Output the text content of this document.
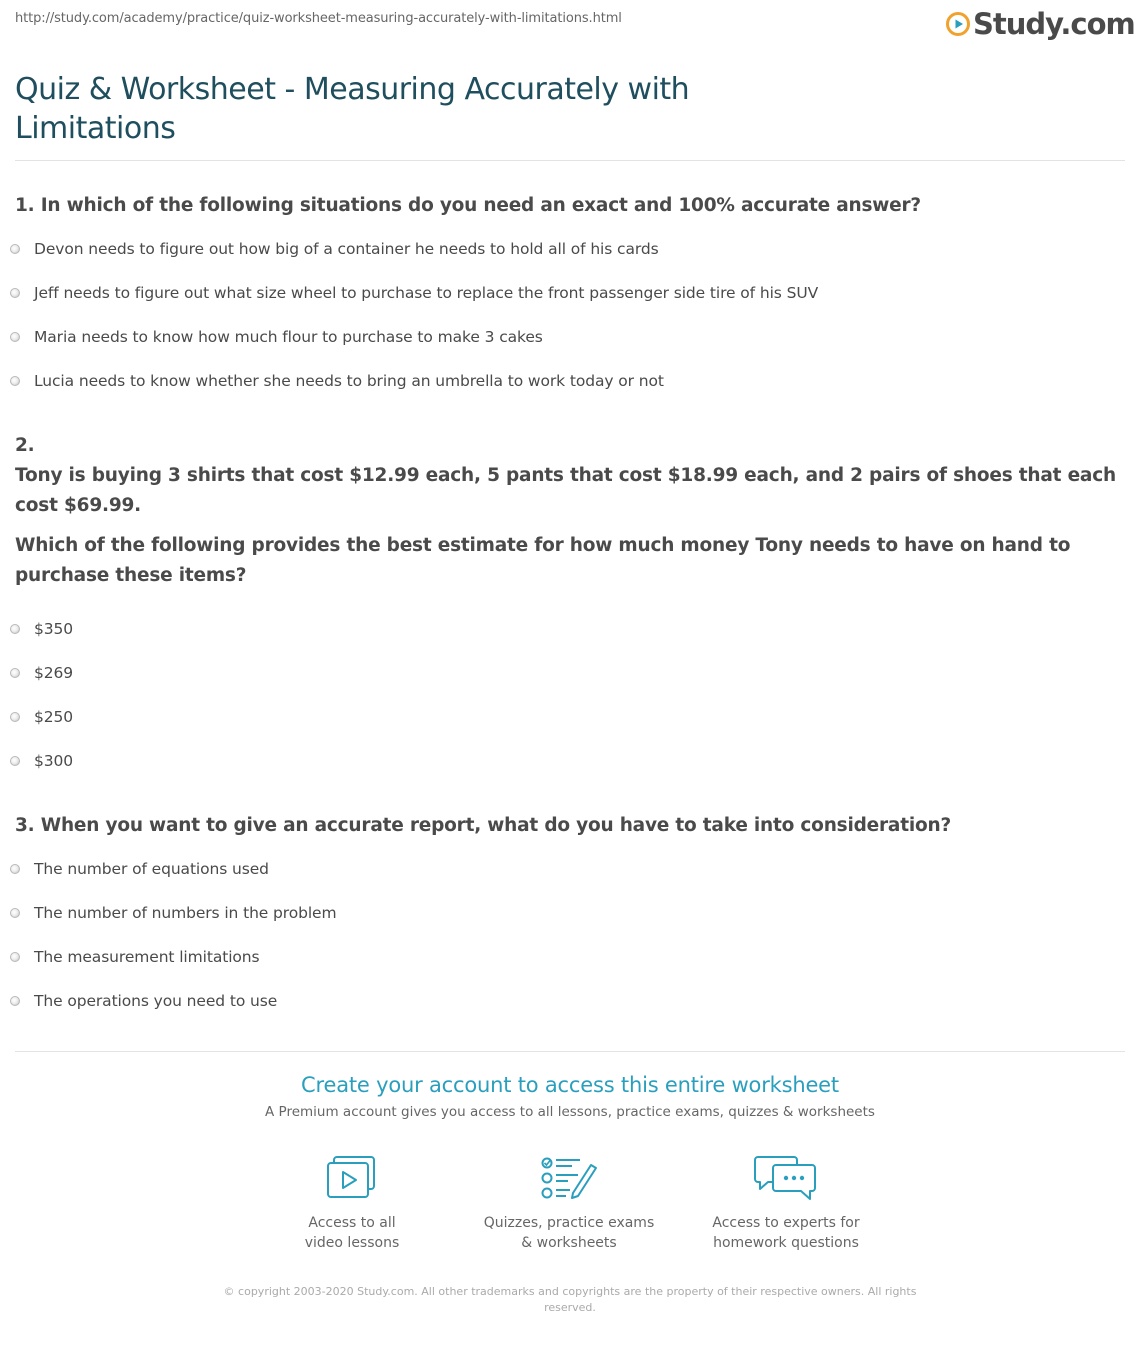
http://study.com/academy/practice/quiz-worksheet-measuring-accurately-with-limitations.html	Study.com
Quiz & Worksheet - Measuring Accurately with Limitations
1. In which of the following situations do you need an exact and 100% accurate answer?
Devon needs to figure out how big of a container he needs to hold all of his cards
Jeff needs to figure out what size wheel to purchase to replace the front passenger side tire of his SUV
Maria needs to know how much flour to purchase to make 3 cakes
Lucia needs to know whether she needs to bring an umbrella to work today or not
2.
Tony is buying 3 shirts that cost $12.99 each, 5 pants that cost $18.99 each, and 2 pairs of shoes that each cost $69.99.
Which of the following provides the best estimate for how much money Tony needs to have on hand to purchase these items?
$350
$269
$250
$300
3. When you want to give an accurate report, what do you have to take into consideration?
The number of equations used
The number of numbers in the problem
The measurement limitations
The operations you need to use
Create your account to access this entire worksheet
A Premium account gives you access to all lessons, practice exams, quizzes & worksheets
Access to all
video lessons
Quizzes, practice exams
& worksheets
Access to experts for
homework questions
© copyright 2003-2020 Study.com. All other trademarks and copyrights are the property of their respective owners. All rights reserved.
